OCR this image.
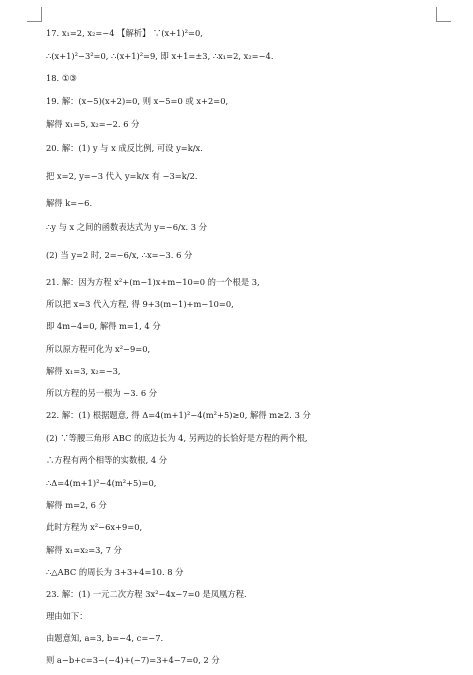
17. x₁=2, x₂=−4 【解析】 ∵(x+1)²=0,
∴(x+1)²−3²=0, ∴(x+1)²=9, 即 x+1=±3, ∴x₁=2, x₂=−4.
18. ①③
19. 解：(x−5)(x+2)=0, 则 x−5=0 或 x+2=0,
解得 x₁=5, x₂=−2. 6 分
20. 解：(1) y 与 x 成反比例, 可设 y=k/x.
把 x=2, y=−3 代入 y=k/x 有 −3=k/2.
解得 k=−6.
∴y 与 x 之间的函数表达式为 y=−6/x. 3 分
(2) 当 y=2 时, 2=−6/x, ∴x=−3. 6 分
21. 解：因为方程 x²+(m−1)x+m−10=0 的一个根是 3,
所以把 x=3 代入方程, 得 9+3(m−1)+m−10=0,
即 4m−4=0, 解得 m=1, 4 分
所以原方程可化为 x²−9=0,
解得 x₁=3, x₂=−3,
所以方程的另一根为 −3. 6 分
22. 解：(1) 根据题意, 得 Δ=4(m+1)²−4(m²+5)≥0, 解得 m≥2. 3 分
(2) ∵等腰三角形 ABC 的底边长为 4, 另两边的长恰好是方程的两个根,
∴方程有两个相等的实数根, 4 分
∴Δ=4(m+1)²−4(m²+5)=0,
解得 m=2, 6 分
此时方程为 x²−6x+9=0,
解得 x₁=x₂=3, 7 分
∴△ABC 的周长为 3+3+4=10. 8 分
23. 解：(1) 一元二次方程 3x²−4x−7=0 是凤凰方程.
理由如下：
由题意知, a=3, b=−4, c=−7.
则 a−b+c=3−(−4)+(−7)=3+4−7=0, 2 分
